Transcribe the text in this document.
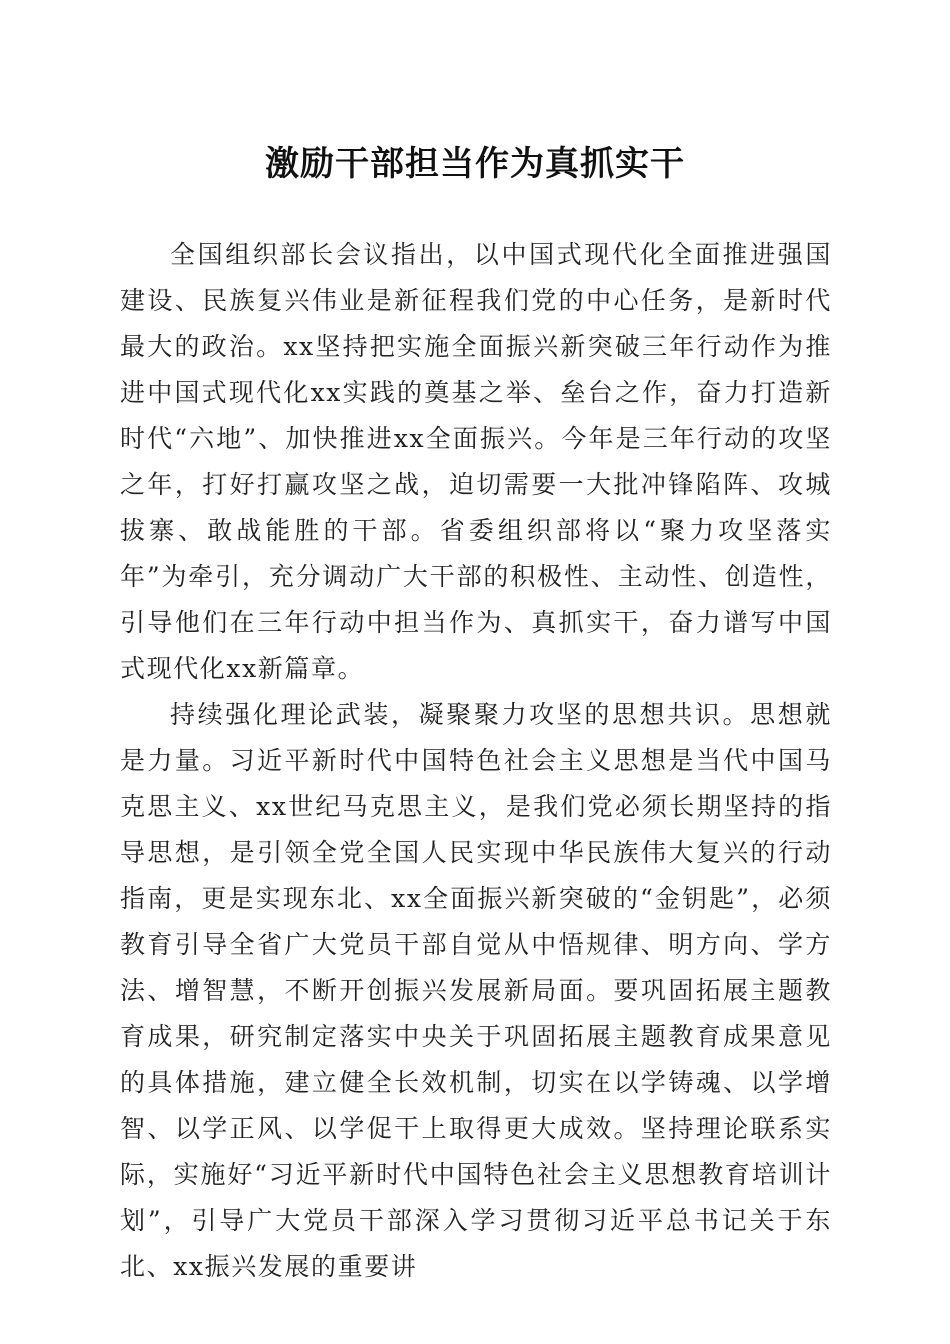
激励干部担当作为真抓实干

全国组织部长会议指出，以中国式现代化全面推进强国建设、民族复兴伟业是新征程我们党的中心任务，是新时代最大的政治。xx坚持把实施全面振兴新突破三年行动作为推进中国式现代化xx实践的奠基之举、垒台之作，奋力打造新时代“六地”、加快推进xx全面振兴。今年是三年行动的攻坚之年，打好打赢攻坚之战，迫切需要一大批冲锋陷阵、攻城拔寨、敢战能胜的干部。省委组织部将以“聚力攻坚落实年”为牵引，充分调动广大干部的积极性、主动性、创造性，引导他们在三年行动中担当作为、真抓实干，奋力谱写中国式现代化xx新篇章。

持续强化理论武装，凝聚聚力攻坚的思想共识。思想就是力量。习近平新时代中国特色社会主义思想是当代中国马克思主义、xx世纪马克思主义，是我们党必须长期坚持的指导思想，是引领全党全国人民实现中华民族伟大复兴的行动指南，更是实现东北、xx全面振兴新突破的“金钥匙”，必须教育引导全省广大党员干部自觉从中悟规律、明方向、学方法、增智慧，不断开创振兴发展新局面。要巩固拓展主题教育成果，研究制定落实中央关于巩固拓展主题教育成果意见的具体措施，建立健全长效机制，切实在以学铸魂、以学增智、以学正风、以学促干上取得更大成效。坚持理论联系实际，实施好“习近平新时代中国特色社会主义思想教育培训计划”，引导广大党员干部深入学习贯彻习近平总书记关于东北、xx振兴发展的重要讲
